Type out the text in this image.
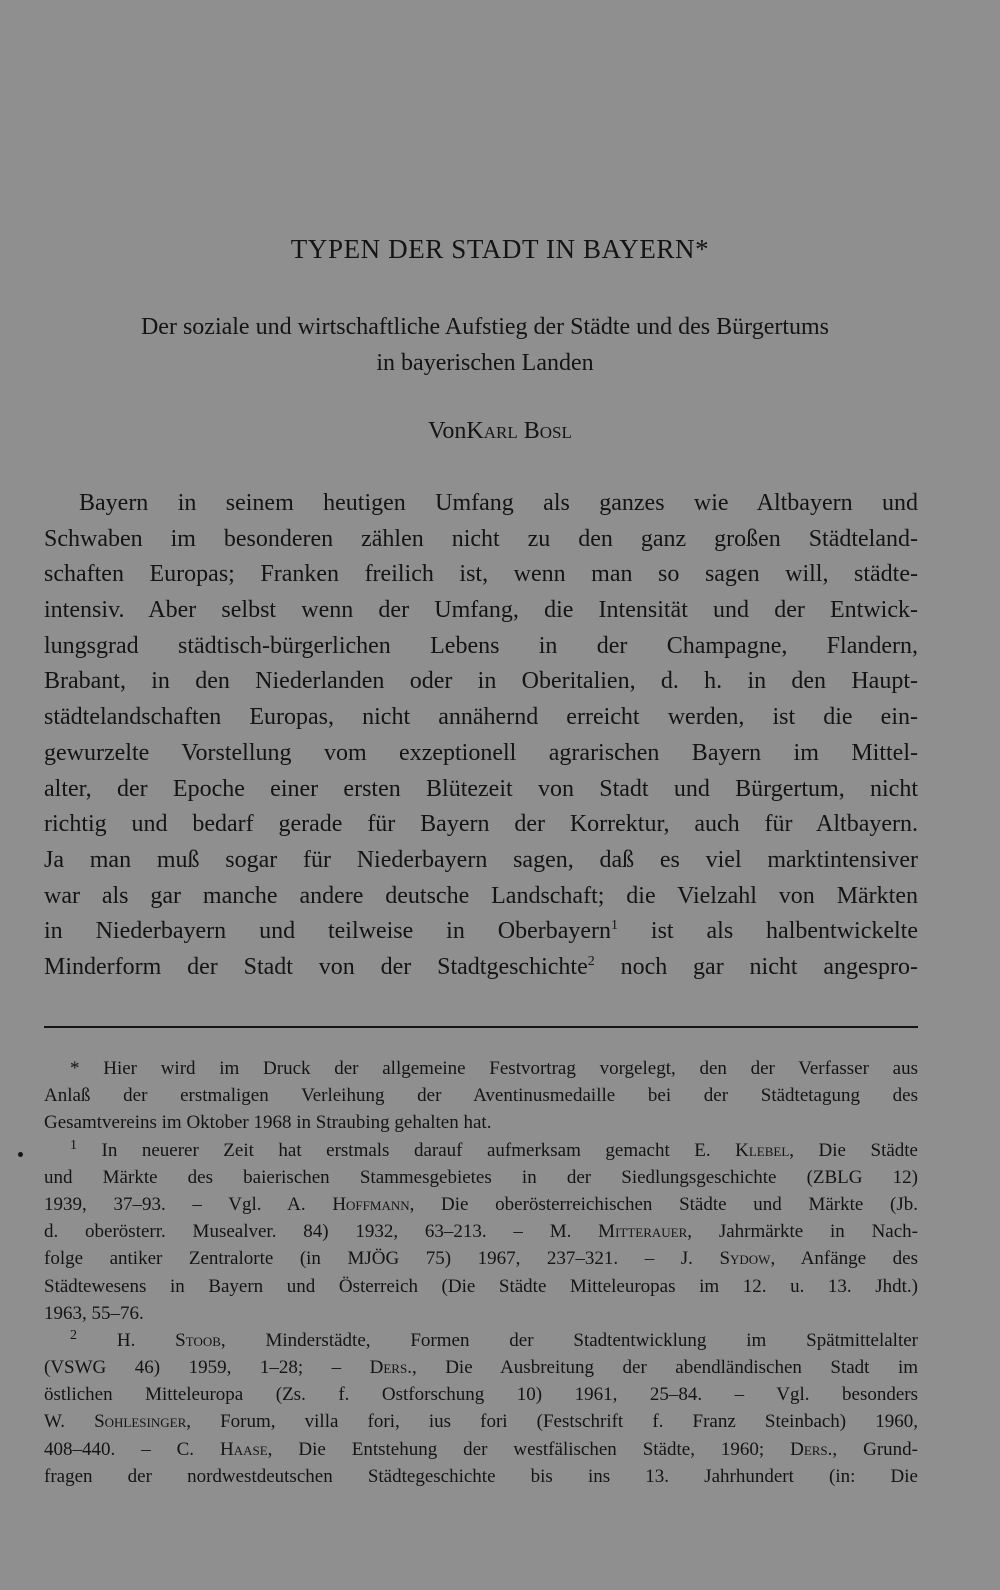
TYPEN DER STADT IN BAYERN*
Der soziale und wirtschaftliche Aufstieg der Städte und des Bürgertums
in bayerischen Landen
VonKarl Bosl
Bayern in seinem heutigen Umfang als ganzes wie Altbayern und
Schwaben im besonderen zählen nicht zu den ganz großen Städteland-
schaften Europas; Franken freilich ist, wenn man so sagen will, städte-
intensiv. Aber selbst wenn der Umfang, die Intensität und der Entwick-
lungsgrad städtisch-bürgerlichen Lebens in der Champagne, Flandern,
Brabant, in den Niederlanden oder in Oberitalien, d. h. in den Haupt-
städtelandschaften Europas, nicht annähernd erreicht werden, ist die ein-
gewurzelte Vorstellung vom exzeptionell agrarischen Bayern im Mittel-
alter, der Epoche einer ersten Blütezeit von Stadt und Bürgertum, nicht
richtig und bedarf gerade für Bayern der Korrektur, auch für Altbayern.
Ja man muß sogar für Niederbayern sagen, daß es viel marktintensiver
war als gar manche andere deutsche Landschaft; die Vielzahl von Märkten
in Niederbayern und teilweise in Oberbayern$^1$ ist als halbentwickelte
Minderform der Stadt von der Stadtgeschichte$^2$ noch gar nicht angespro-
* Hier wird im Druck der allgemeine Festvortrag vorgelegt, den der Verfasser aus
Anlaß der erstmaligen Verleihung der Aventinusmedaille bei der Städtetagung des
Gesamtvereins im Oktober 1968 in Straubing gehalten hat.
$^1$ In neuerer Zeit hat erstmals darauf aufmerksam gemacht E. Klebel, Die Städte
und Märkte des baierischen Stammesgebietes in der Siedlungsgeschichte (ZBLG 12)
1939, 37–93. – Vgl. A. Hoffmann, Die oberösterreichischen Städte und Märkte (Jb.
d. oberösterr. Musealver. 84) 1932, 63–213. – M. Mitterauer, Jahrmärkte in Nach-
folge antiker Zentralorte (in MJÖG 75) 1967, 237–321. – J. Sydow, Anfänge des
Städtewesens in Bayern und Österreich (Die Städte Mitteleuropas im 12. u. 13. Jhdt.)
1963, 55–76.
$^2$ H. Stoob, Minderstädte, Formen der Stadtentwicklung im Spätmittelalter
(VSWG 46) 1959, 1–28; – Ders., Die Ausbreitung der abendländischen Stadt im
östlichen Mitteleuropa (Zs. f. Ostforschung 10) 1961, 25–84. – Vgl. besonders
W. Sohlesinger, Forum, villa fori, ius fori (Festschrift f. Franz Steinbach) 1960,
408–440. – C. Haase, Die Entstehung der westfälischen Städte, 1960; Ders., Grund-
fragen der nordwestdeutschen Städtegeschichte bis ins 13. Jahrhundert (in: Die
